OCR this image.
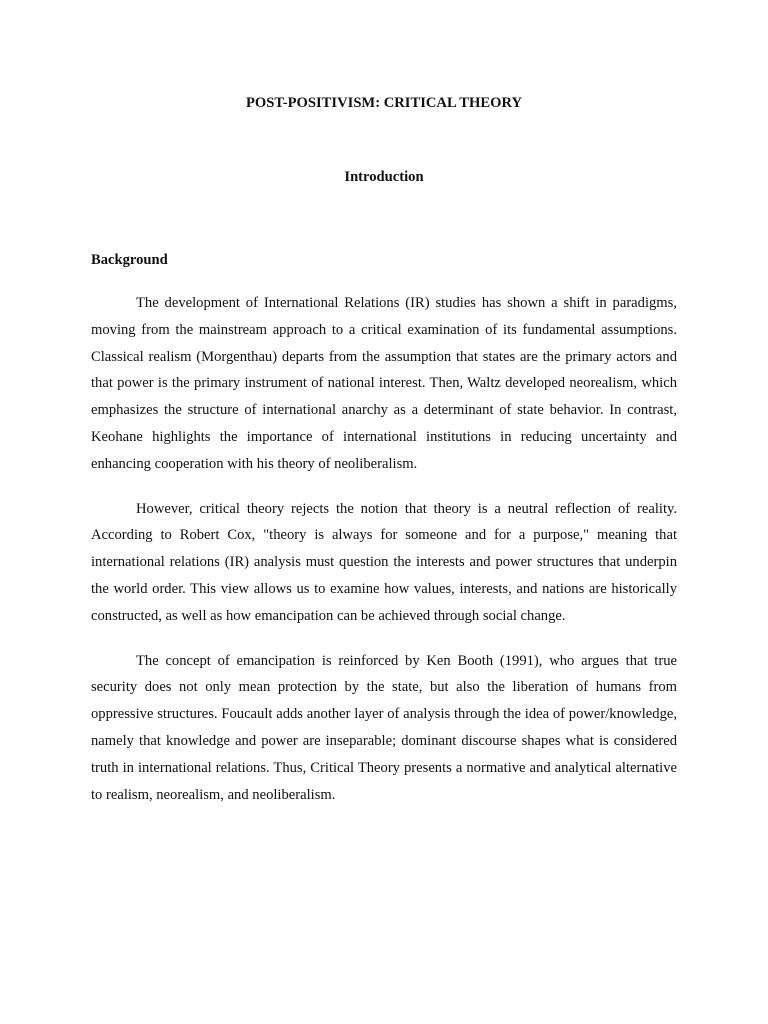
POST-POSITIVISM: CRITICAL THEORY
Introduction
Background

The development of International Relations (IR) studies has shown a shift in paradigms, moving from the mainstream approach to a critical examination of its fundamental assumptions. Classical realism (Morgenthau) departs from the assumption that states are the primary actors and that power is the primary instrument of national interest. Then, Waltz developed neorealism, which emphasizes the structure of international anarchy as a determinant of state behavior. In contrast, Keohane highlights the importance of international institutions in reducing uncertainty and enhancing cooperation with his theory of neoliberalism.

However, critical theory rejects the notion that theory is a neutral reflection of reality. According to Robert Cox, "theory is always for someone and for a purpose," meaning that international relations (IR) analysis must question the interests and power structures that underpin the world order. This view allows us to examine how values, interests, and nations are historically constructed, as well as how emancipation can be achieved through social change.

The concept of emancipation is reinforced by Ken Booth (1991), who argues that true security does not only mean protection by the state, but also the liberation of humans from oppressive structures. Foucault adds another layer of analysis through the idea of power/knowledge, namely that knowledge and power are inseparable; dominant discourse shapes what is considered truth in international relations. Thus, Critical Theory presents a normative and analytical alternative to realism, neorealism, and neoliberalism.
